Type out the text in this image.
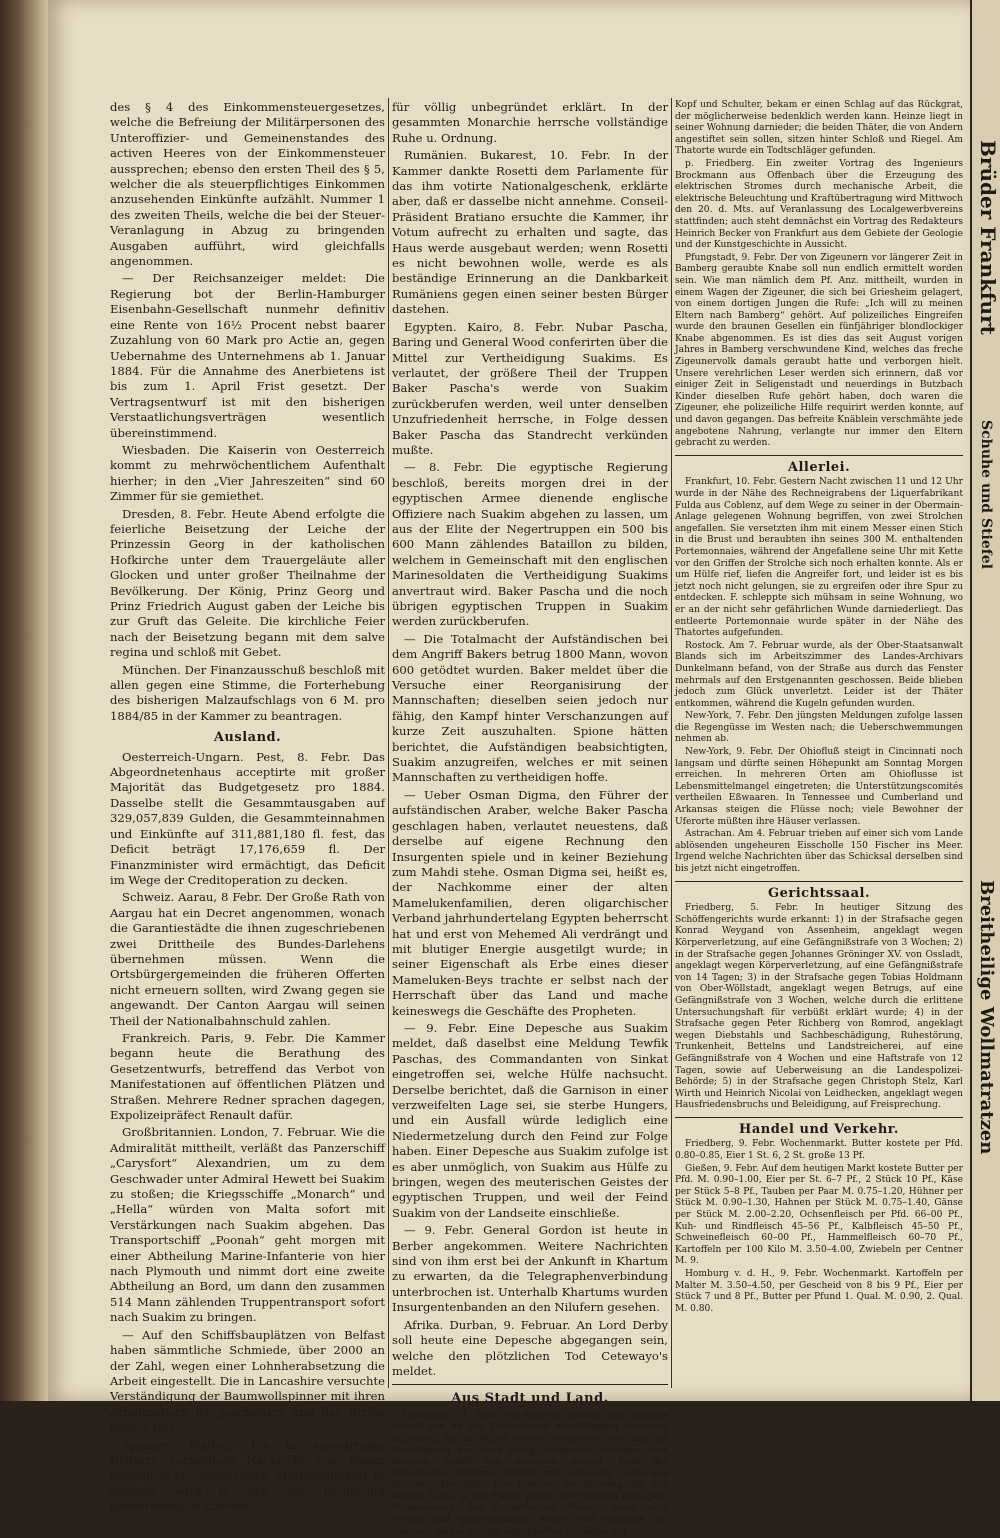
des § 4 des Einkommensteuergesetzes, welche die Befreiung der Militärpersonen des Unteroffizier- und Gemeinenstandes des activen Heeres von der Einkommensteuer aussprechen; ebenso den ersten Theil des § 5, welcher die als steuerpflichtiges Einkommen anzusehenden Einkünfte aufzählt. Nummer 1 des zweiten Theils, welche die bei der Steuer-Veranlagung in Abzug zu bringenden Ausgaben aufführt, wird gleichfalls angenommen.

— Der Reichsanzeiger meldet: Die Regierung bot der Berlin-Hamburger Eisenbahn-Gesellschaft nunmehr definitiv eine Rente von 16½ Procent nebst baarer Zuzahlung von 60 Mark pro Actie an, gegen Uebernahme des Unternehmens ab 1. Januar 1884. Für die Annahme des Anerbietens ist bis zum 1. April Frist gesetzt. Der Vertragsentwurf ist mit den bisherigen Verstaatlichungsverträgen wesentlich übereinstimmend.

Wiesbaden. Die Kaiserin von Oesterreich kommt zu mehrwöchentlichem Aufenthalt hierher; in den „Vier Jahreszeiten“ sind 60 Zimmer für sie gemiethet.

Dresden, 8. Febr. Heute Abend erfolgte die feierliche Beisetzung der Leiche der Prinzessin Georg in der katholischen Hofkirche unter dem Trauergeläute aller Glocken und unter großer Theilnahme der Bevölkerung. Der König, Prinz Georg und Prinz Friedrich August gaben der Leiche bis zur Gruft das Geleite. Die kirchliche Feier nach der Beisetzung begann mit dem salve regina und schloß mit Gebet.

München. Der Finanzausschuß beschloß mit allen gegen eine Stimme, die Forterhebung des bisherigen Malzaufschlags von 6 M. pro 1884/85 in der Kammer zu beantragen.

Ausland.

Oesterreich-Ungarn. Pest, 8. Febr. Das Abgeordnetenhaus acceptirte mit großer Majorität das Budgetgesetz pro 1884. Dasselbe stellt die Gesammtausgaben auf 329,057,839 Gulden, die Gesammteinnahmen und Einkünfte auf 311,881,180 fl. fest, das Deficit beträgt 17,176,659 fl. Der Finanzminister wird ermächtigt, das Deficit im Wege der Creditoperation zu decken.

Schweiz. Aarau, 8 Febr. Der Große Rath von Aargau hat ein Decret angenommen, wonach die Garantiestädte die ihnen zugeschriebenen zwei Drittheile des Bundes-Darlehens übernehmen müssen. Wenn die Ortsbürgergemeinden die früheren Offerten nicht erneuern sollten, wird Zwang gegen sie angewandt. Der Canton Aargau will seinen Theil der Nationalbahnschuld zahlen.

Frankreich. Paris, 9. Febr. Die Kammer begann heute die Berathung des Gesetzentwurfs, betreffend das Verbot von Manifestationen auf öffentlichen Plätzen und Straßen. Mehrere Redner sprachen dagegen, Expolizeipräfect Renault dafür.

Großbritannien. London, 7. Februar. Wie die Admiralität mittheilt, verläßt das Panzerschiff „Carysfort“ Alexandrien, um zu dem Geschwader unter Admiral Hewett bei Suakim zu stoßen; die Kriegsschiffe „Monarch“ und „Hella“ würden von Malta sofort mit Verstärkungen nach Suakim abgehen. Das Transportschiff „Poonah“ geht morgen mit einer Abtheilung Marine-Infanterie von hier nach Plymouth und nimmt dort eine zweite Abtheilung an Bord, um dann den zusammen 514 Mann zählenden Truppentransport sofort nach Suakim zu bringen.

— Auf den Schiffsbauplätzen von Belfast haben sämmtliche Schmiede, über 2000 an der Zahl, wegen einer Lohnherabsetzung die Arbeit eingestellt. Die in Lancashire versuchte Verständigung der Baumwollspinner mit ihren Arbeitgebern ist gescheitert und der Strike dauert fort.

Spanien. Madrid. Die in auswärtigen Blättern verbreitete Nachricht von einem angeblich bevorstehenden Militäraufstand in Spanien wird in den der Regierung nahestehenden Kreisen

für völlig unbegründet erklärt. In der gesammten Monarchie herrsche vollständige Ruhe u. Ordnung.

Rumänien. Bukarest, 10. Febr. In der Kammer dankte Rosetti dem Parlamente für das ihm votirte Nationalgeschenk, erklärte aber, daß er dasselbe nicht annehme. Conseil-Präsident Bratiano ersuchte die Kammer, ihr Votum aufrecht zu erhalten und sagte, das Haus werde ausgebaut werden; wenn Rosetti es nicht bewohnen wolle, werde es als beständige Erinnerung an die Dankbarkeit Rumäniens gegen einen seiner besten Bürger dastehen.

Egypten. Kairo, 8. Febr. Nubar Pascha, Baring und General Wood conferirten über die Mittel zur Vertheidigung Suakims. Es verlautet, der größere Theil der Truppen Baker Pascha's werde von Suakim zurückberufen werden, weil unter denselben Unzufriedenheit herrsche, in Folge dessen Baker Pascha das Standrecht verkünden mußte.

— 8. Febr. Die egyptische Regierung beschloß, bereits morgen drei in der egyptischen Armee dienende englische Offiziere nach Suakim abgehen zu lassen, um aus der Elite der Negertruppen ein 500 bis 600 Mann zählendes Bataillon zu bilden, welchem in Gemeinschaft mit den englischen Marinesoldaten die Vertheidigung Suakims anvertraut wird. Baker Pascha und die noch übrigen egyptischen Truppen in Suakim werden zurückberufen.

— Die Totalmacht der Aufständischen bei dem Angriff Bakers betrug 1800 Mann, wovon 600 getödtet wurden. Baker meldet über die Versuche einer Reorganisirung der Mannschaften; dieselben seien jedoch nur fähig, den Kampf hinter Verschanzungen auf kurze Zeit auszuhalten. Spione hätten berichtet, die Aufständigen beabsichtigten, Suakim anzugreifen, welches er mit seinen Mannschaften zu vertheidigen hoffe.

— Ueber Osman Digma, den Führer der aufständischen Araber, welche Baker Pascha geschlagen haben, verlautet neuestens, daß derselbe auf eigene Rechnung den Insurgenten spiele und in keiner Beziehung zum Mahdi stehe. Osman Digma sei, heißt es, der Nachkomme einer der alten Mamelukenfamilien, deren oligarchischer Verband jahrhundertelang Egypten beherrscht hat und erst von Mehemed Ali verdrängt und mit blutiger Energie ausgetilgt wurde; in seiner Eigenschaft als Erbe eines dieser Mameluken-Beys trachte er selbst nach der Herrschaft über das Land und mache keineswegs die Geschäfte des Propheten.

— 9. Febr. Eine Depesche aus Suakim meldet, daß daselbst eine Meldung Tewfik Paschas, des Commandanten von Sinkat eingetroffen sei, welche Hülfe nachsucht. Derselbe berichtet, daß die Garnison in einer verzweifelten Lage sei, sie sterbe Hungers, und ein Ausfall würde lediglich eine Niedermetzelung durch den Feind zur Folge haben. Einer Depesche aus Suakim zufolge ist es aber unmöglich, von Suakim aus Hülfe zu bringen, wegen des meuterischen Geistes der egyptischen Truppen, und weil der Feind Suakim von der Landseite einschließe.

— 9. Febr. General Gordon ist heute in Berber angekommen. Weitere Nachrichten sind von ihm erst bei der Ankunft in Khartum zu erwarten, da die Telegraphenverbindung unterbrochen ist. Unterhalb Khartums wurden Insurgentenbanden an den Nilufern gesehen.

Afrika. Durban, 9. Februar. An Lord Derby soll heute eine Depesche abgegangen sein, welche den plötzlichen Tod Cetewayo's meldet.

Aus Stadt und Land.

Friedberg, 11. Febr. Am Samstag wurden eine größere Anzahl von an der Zuckerfabrik beschäftigten Arbeitern entlassen, da die Rüben soweit verarbeitet sind und zur Bewältigung der noch übrig bleibenden Arbeiten eine kleinere Anzahl von Arbeitern genügt. Zwei der Entlassenen, Namens Bäcker und Schneider, beide aus Sachsen, überfielen nun gestern, am Sonntag, als nur wenige Leute in der Fabrik waren, anscheinend ohne jede Veranlassung, den Zuckerkocher Heinze, einen sehr braven und gewissenhaften Mann, und schlugen ihn halbtodt. Außer einigen abgeprallten Schlägen auf

Kopf und Schulter, bekam er einen Schlag auf das Rückgrat, der möglicherweise bedenklich werden kann. Heinze liegt in seiner Wohnung darnieder; die beiden Thäter, die von Andern angestiftet sein sollen, sitzen hinter Schloß und Riegel. Am Thatorte wurde ein Todtschläger gefunden.

p. Friedberg. Ein zweiter Vortrag des Ingenieurs Brockmann aus Offenbach über die Erzeugung des elektrischen Stromes durch mechanische Arbeit, die elektrische Beleuchtung und Kraftübertragung wird Mittwoch den 20. d. Mts. auf Veranlassung des Localgewerbvereins stattfinden; auch steht demnächst ein Vortrag des Redakteurs Heinrich Becker von Frankfurt aus dem Gebiete der Geologie und der Kunstgeschichte in Aussicht.

Pfungstadt, 9. Febr. Der von Zigeunern vor längerer Zeit in Bamberg geraubte Knabe soll nun endlich ermittelt worden sein. Wie man nämlich dem Pf. Anz. mittheilt, wurden in einem Wagen der Zigeuner, die sich bei Griesheim gelagert, von einem dortigen Jungen die Rufe: „Ich will zu meinen Eltern nach Bamberg“ gehört. Auf polizeiliches Eingreifen wurde den braunen Gesellen ein fünfjähriger blondlockiger Knabe abgenommen. Es ist dies das seit August vorigen Jahres in Bamberg verschwundene Kind, welches das freche Zigeunervolk damals geraubt hatte und verborgen hielt. Unsere verehrlichen Leser werden sich erinnern, daß vor einiger Zeit in Seligenstadt und neuerdings in Butzbach Kinder dieselben Rufe gehört haben, doch waren die Zigeuner, ehe polizeiliche Hilfe requirirt werden konnte, auf und davon gegangen. Das befreite Knäblein verschmähte jede angebotene Nahrung, verlangte nur immer den Eltern gebracht zu werden.

Allerlei.

Frankfurt, 10. Febr. Gestern Nacht zwischen 11 und 12 Uhr wurde in der Nähe des Rechneigrabens der Liquerfabrikant Fulda aus Coblenz, auf dem Wege zu seiner in der Obermain-Anlage gelegenen Wohnung begriffen, von zwei Strolchen angefallen. Sie versetzten ihm mit einem Messer einen Stich in die Brust und beraubten ihn seines 300 M. enthaltenden Portemonnaies, während der Angefallene seine Uhr mit Kette vor den Griffen der Strolche sich noch erhalten konnte. Als er um Hülfe rief, liefen die Angreifer fort, und leider ist es bis jetzt noch nicht gelungen, sie zu ergreifen oder ihre Spur zu entdecken. F. schleppte sich mühsam in seine Wohnung, wo er an der nicht sehr gefährlichen Wunde darniederliegt. Das entleerte Portemonnaie wurde später in der Nähe des Thatortes aufgefunden.

Rostock. Am 7. Februar wurde, als der Ober-Staatsanwalt Blands sich im Arbeitszimmer des Landes-Archivars Dunkelmann befand, von der Straße aus durch das Fenster mehrmals auf den Erstgenannten geschossen. Beide blieben jedoch zum Glück unverletzt. Leider ist der Thäter entkommen, während die Kugeln gefunden wurden.

New-York, 7. Febr. Den jüngsten Meldungen zufolge lassen die Regengüsse im Westen nach; die Ueberschwemmungen nehmen ab.

New-York, 9. Febr. Der Ohiofluß steigt in Cincinnati noch langsam und dürfte seinen Höhepunkt am Sonntag Morgen erreichen. In mehreren Orten am Ohioflusse ist Lebensmittelmangel eingetreten; die Unterstützungscomités vertheilen Eßwaaren. In Tennessee und Cumberland und Arkansas steigen die Flüsse noch; viele Bewohner der Uferorte müßten ihre Häuser verlassen.

Astrachan. Am 4. Februar trieben auf einer sich vom Lande ablösenden ungeheuren Eisscholle 150 Fischer ins Meer. Irgend welche Nachrichten über das Schicksal derselben sind bis jetzt nicht eingetroffen.

Gerichtssaal.

Friedberg, 5. Febr. In heutiger Sitzung des Schöffengerichts wurde erkannt: 1) in der Strafsache gegen Konrad Weygand von Assenheim, angeklagt wegen Körperverletzung, auf eine Gefängnißstrafe von 3 Wochen; 2) in der Strafsache gegen Johannes Gröninger XV. von Ossladt, angeklagt wegen Körperverletzung, auf eine Gefängnißstrafe von 14 Tagen; 3) in der Strafsache gegen Tobias Holdmann von Ober-Wöllstadt, angeklagt wegen Betrugs, auf eine Gefängnißstrafe von 3 Wochen, welche durch die erlittene Untersuchungshaft für verbüßt erklärt wurde; 4) in der Strafsache gegen Peter Richberg von Romrod, angeklagt wegen Diebstahls und Sachbeschädigung, Ruhestörung, Trunkenheit, Bettelns und Landstreicherei, auf eine Gefängnißstrafe von 4 Wochen und eine Haftstrafe von 12 Tagen, sowie auf Ueberweisung an die Landespolizei-Behörde; 5) in der Strafsache gegen Christoph Stelz, Karl Wirth und Heinrich Nicolai von Leidhecken, angeklagt wegen Hausfriedensbruchs und Beleidigung, auf Freisprechung.

Handel und Verkehr.

Friedberg, 9. Febr. Wochenmarkt. Butter kostete per Pfd. 0.80–0.85, Eier 1 St. 6, 2 St. große 13 Pf.

Gießen, 9. Febr. Auf dem heutigen Markt kostete Butter per Pfd. M. 0.90–1.00, Eier per St. 6–7 Pf., 2 Stück 10 Pf., Käse per Stück 5–8 Pf., Tauben per Paar M. 0.75–1.20, Hühner per Stück M. 0.90–1.30, Hahnen per Stück M. 0.75–1.40, Gänse per Stück M. 2.00–2.20, Ochsenfleisch per Pfd. 66–00 Pf., Kuh- und Rindfleisch 45–56 Pf., Kalbfleisch 45–50 Pf., Schweinefleisch 60–00 Pf., Hammelfleisch 60–70 Pf., Kartoffeln per 100 Kilo M. 3.50–4.00, Zwiebeln per Centner M. 9.

Homburg v. d. H., 9. Febr. Wochenmarkt. Kartoffeln per Malter M. 3.50–4.50, per Gescheid von 8 bis 9 Pf., Eier per Stück 7 und 8 Pf., Butter per Pfund 1. Qual. M. 0.90, 2. Qual. M. 0.80.

Brüder Frankfurt
Schuhe und Stiefel
Breitheilige Wollmatratzen
